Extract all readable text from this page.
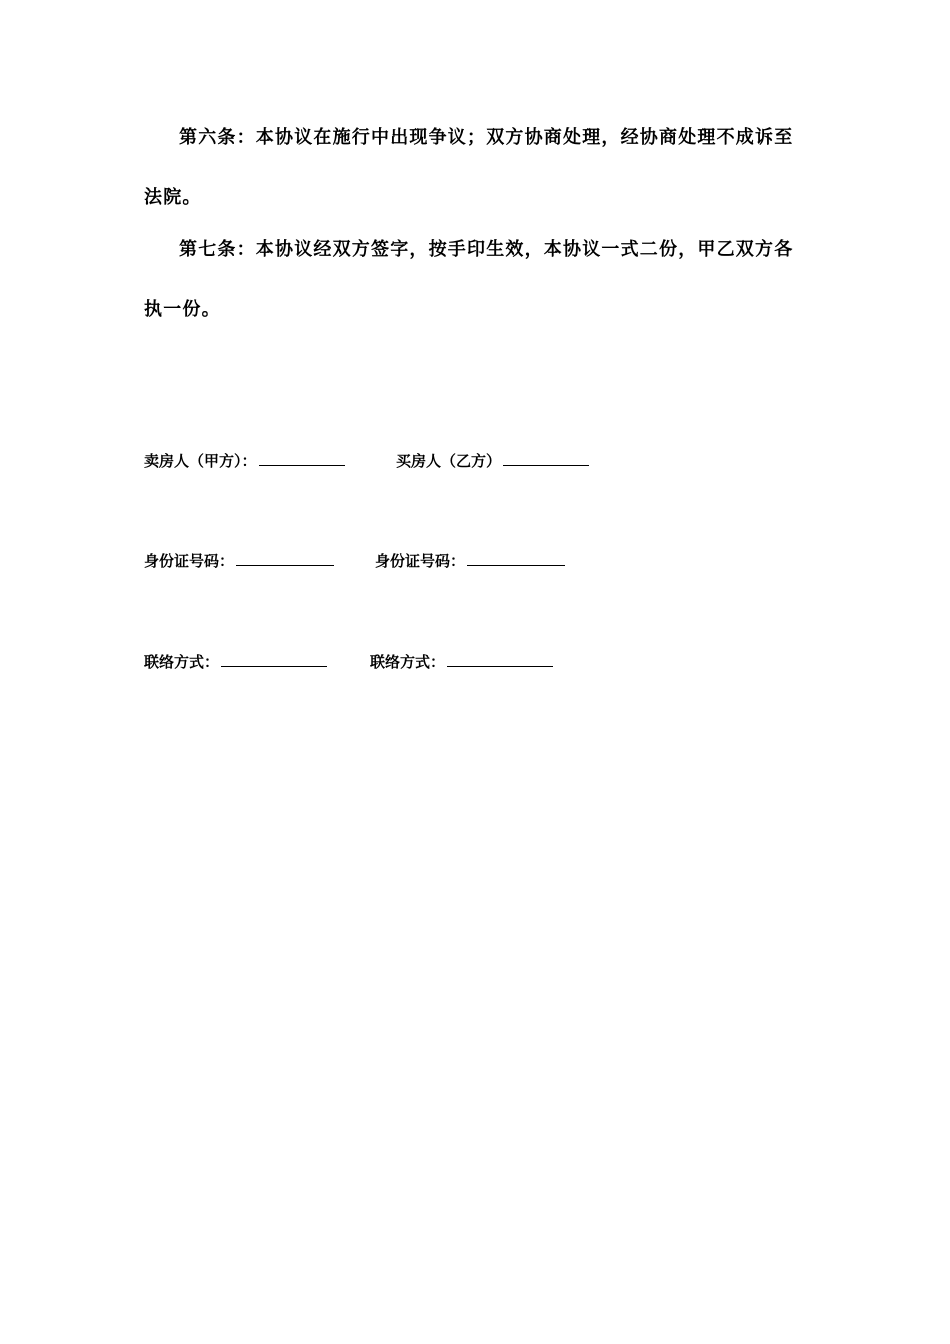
第六条：本协议在施行中出现争议；双方协商处理，经协商处理不成诉至
法院。
第七条：本协议经双方签字，按手印生效，本协议一式二份，甲乙双方各
执一份。
卖房人（甲方）：	买房人（乙方）
身份证号码：	身份证号码：
联络方式：	联络方式：
